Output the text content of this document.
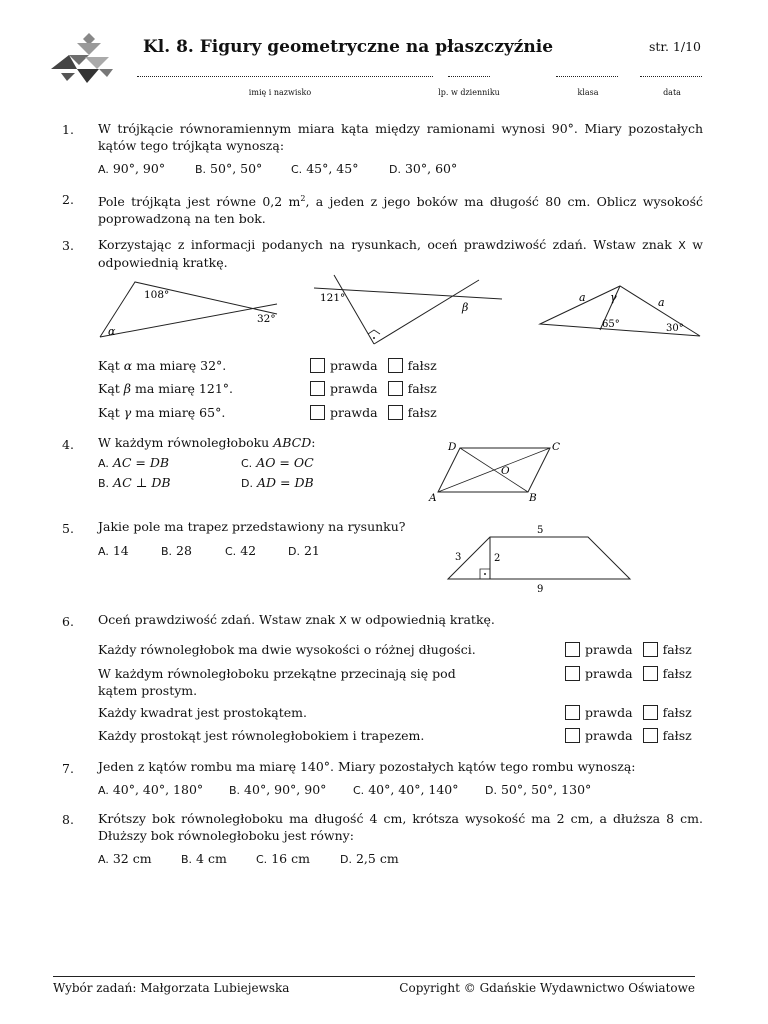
Kl. 8. Figury geometryczne na płaszczyźnie	str. 1/10
imię i nazwisko	lp. w dzienniku	klasa	data
1. W trójkącie równoramiennym miara kąta między ramionami wynosi 90°. Miary pozostałych kątów tego trójkąta wynoszą:
A. 90°, 90°	B. 50°, 50°	C. 45°, 45°	D. 30°, 60°
2. Pole trójkąta jest równe 0,2 $m^2$, a jeden z jego boków ma długość 80 cm. Oblicz wysokość poprowadzoną na ten bok.
3. Korzystając z informacji podanych na rysunkach, oceń prawdziwość zdań. Wstaw znak X w odpowiednią kratkę.
108°
α
32°
121°
β
a γ	a
65°	30°
Kąt α ma miarę 32°.	prawda fałsz
Kąt β ma miarę 121°.	prawda fałsz
Kąt γ ma miarę 65°.	prawda fałsz
4. W każdym równoległoboku ABCD:
A. AC = DB	C. AO = OC
B. AC ⊥ DB	D. AD = DB
D	C
O
A	B
5. Jakie pole ma trapez przedstawiony na rysunku?
A. 14	B. 28	C. 42	D. 21
5
3	2
9
6. Oceń prawdziwość zdań. Wstaw znak X w odpowiednią kratkę.
Każdy równoległobok ma dwie wysokości o różnej długości.	prawda fałsz
W każdym równoległoboku przekątne przecinają się pod kątem prostym.
prawda fałsz
Każdy kwadrat jest prostokątem.	prawda fałsz
Każdy prostokąt jest równoległobokiem i trapezem.	prawda fałsz
7. Jeden z kątów rombu ma miarę 140°. Miary pozostałych kątów tego rombu wynoszą:
A. 40°, 40°, 180° B. 40°, 90°, 90° C. 40°, 40°, 140° D. 50°, 50°, 130°
8. Krótszy bok równoległoboku ma długość 4 cm, krótsza wysokość ma 2 cm, a dłuższa 8 cm. Dłuższy bok równoległoboku jest równy:
A. 32 cm	B. 4 cm	C. 16 cm	D. 2,5 cm
Wybór zadań: Małgorzata Lubiejewska	Copyright © Gdańskie Wydawnictwo Oświatowe
